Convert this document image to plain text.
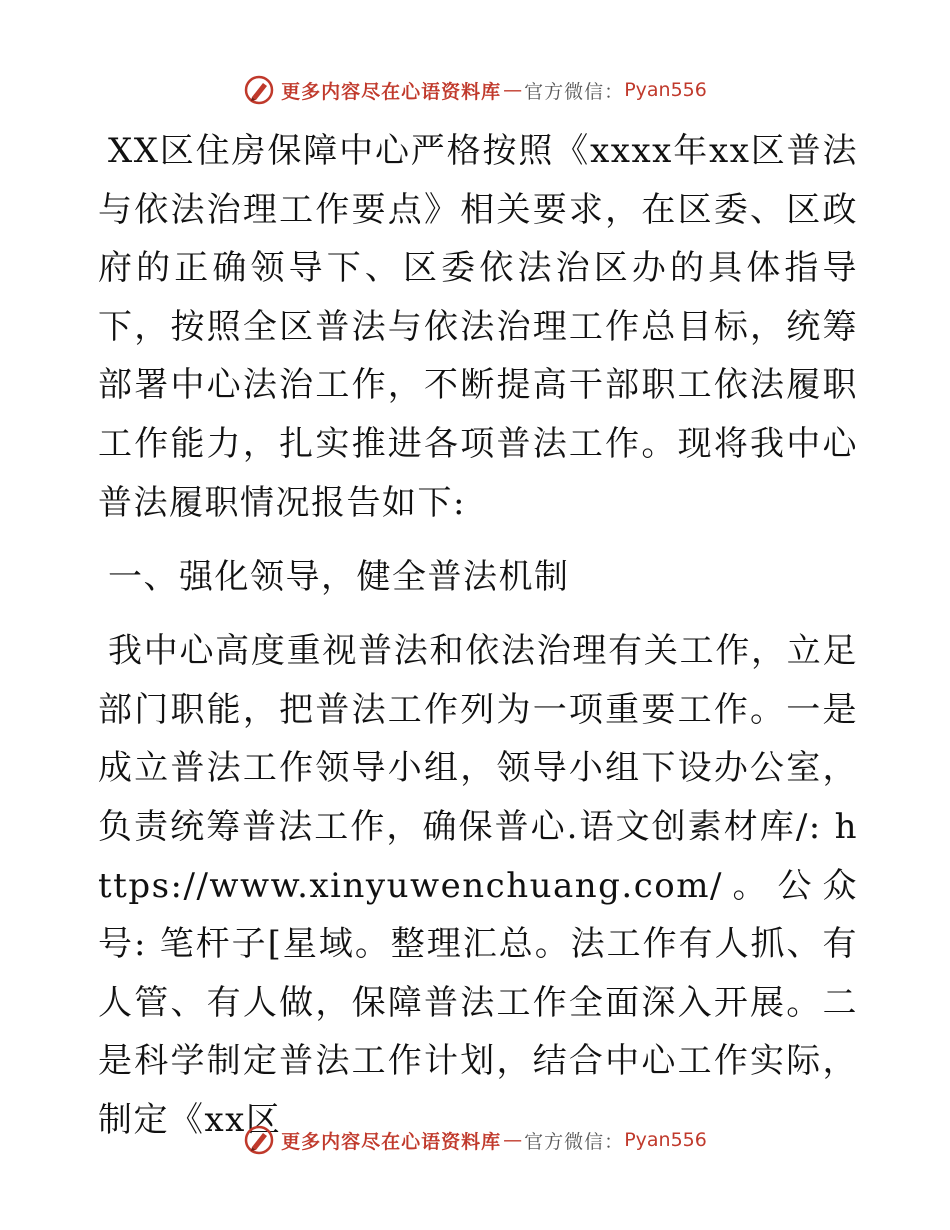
更多内容尽在心语资料库 — 官方微信： Pyan556

XX区住房保障中心严格按照《xxxx年xx区普法与依法治理工作要点》相关要求，在区委、区政府的正确领导下、区委依法治区办的具体指导下，按照全区普法与依法治理工作总目标，统筹部署中心法治工作，不断提高干部职工依法履职工作能力，扎实推进各项普法工作。现将我中心普法履职情况报告如下:

一、强化领导，健全普法机制

我中心高度重视普法和依法治理有关工作，立足部门职能，把普法工作列为一项重要工作。一是成立普法工作领导小组，领导小组下设办公室，负责统筹普法工作，确保普心.语文创素材库/: https://www.xinyuwenchuang.com/。公众号: 笔杆子[星域。整理汇总。法工作有人抓、有人管、有人做，保障普法工作全面深入开展。二是科学制定普法工作计划，结合中心工作实际，制定《xx区

更多内容尽在心语资料库 — 官方微信： Pyan556
